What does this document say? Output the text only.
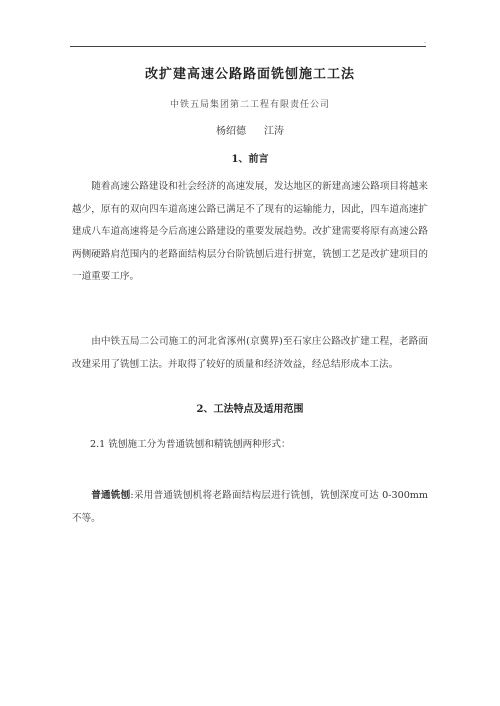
.
改扩建高速公路路面铣刨施工工法
中铁五局集团第二工程有限责任公司
杨绍德 江涛
1、前言

随着高速公路建设和社会经济的高速发展，发达地区的新建高速公路项目将越来越少，原有的双向四车道高速公路已满足不了现有的运输能力，因此，四车道高速扩建成八车道高速将是今后高速公路建设的重要发展趋势。改扩建需要将原有高速公路两侧硬路肩范围内的老路面结构层分台阶铣刨后进行拼宽，铣刨工艺是改扩建项目的一道重要工序。

由中铁五局二公司施工的河北省涿州(京冀界)至石家庄公路改扩建工程，老路面改建采用了铣刨工法。并取得了较好的质量和经济效益，经总结形成本工法。

2、工法特点及适用范围

2.1 铣刨施工分为普通铣刨和精铣刨两种形式：

普通铣刨:采用普通铣刨机将老路面结构层进行铣刨，铣刨深度可达 0-300mm 不等。
